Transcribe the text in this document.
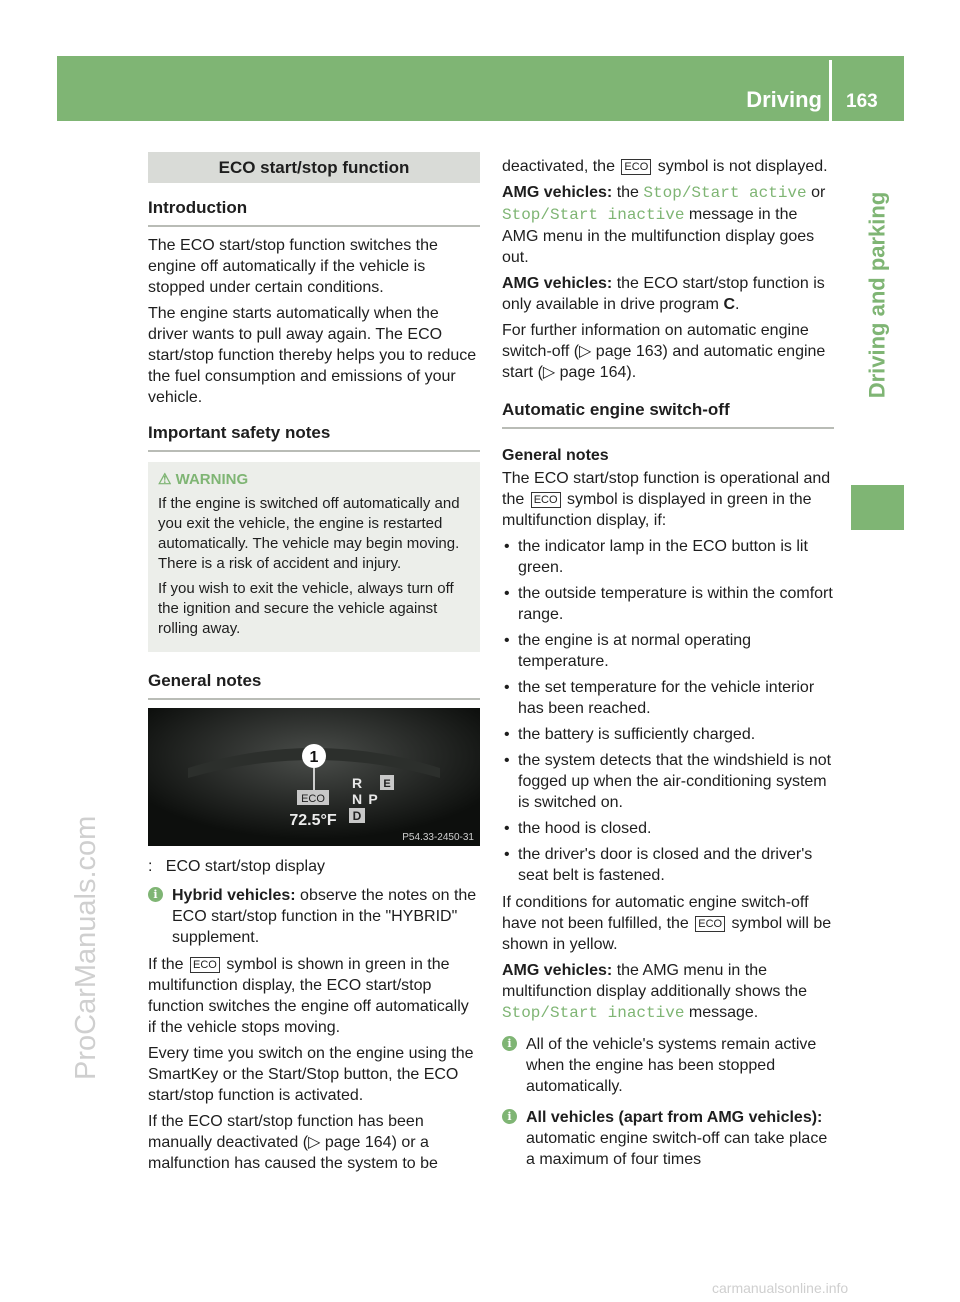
Driving 163
Driving and parking
ProCarManuals.com
carmanualsonline.info
ECO start/stop function
Introduction

The ECO start/stop function switches the engine off automatically if the vehicle is stopped under certain conditions.

The engine starts automatically when the driver wants to pull away again. The ECO start/stop function thereby helps you to reduce the fuel consumption and emissions of your vehicle.

Important safety notes
⚠ WARNING

If the engine is switched off automatically and you exit the vehicle, the engine is restarted automatically. The vehicle may begin moving. There is a risk of accident and injury.

If you wish to exit the vehicle, always turn off the ignition and secure the vehicle against rolling away.

General notes
1
ECO
R
N P
D
E
72.5°F
P54.33-2450-31

: ECO start/stop display

i Hybrid vehicles: observe the notes on the ECO start/stop function in the "HYBRID" supplement.

If the ECO symbol is shown in green in the multifunction display, the ECO start/stop function switches the engine off automatically if the vehicle stops moving.

Every time you switch on the engine using the SmartKey or the Start/Stop button, the ECO start/stop function is activated.

If the ECO start/stop function has been manually deactivated (▷ page 164) or a malfunction has caused the system to be

deactivated, the ECO symbol is not displayed.

AMG vehicles: the Stop/Start active or Stop/Start inactive message in the AMG menu in the multifunction display goes out.

AMG vehicles: the ECO start/stop function is only available in drive program C.

For further information on automatic engine switch-off (▷ page 163) and automatic engine start (▷ page 164).

Automatic engine switch-off

General notes

The ECO start/stop function is operational and the ECO symbol is displayed in green in the multifunction display, if:

• the indicator lamp in the ECO button is lit green.
• the outside temperature is within the comfort range.
• the engine is at normal operating temperature.
• the set temperature for the vehicle interior has been reached.
• the battery is sufficiently charged.
• the system detects that the windshield is not fogged up when the air-conditioning system is switched on.
• the hood is closed.
• the driver's door is closed and the driver's seat belt is fastened.

If conditions for automatic engine switch-off have not been fulfilled, the ECO symbol will be shown in yellow.

AMG vehicles: the AMG menu in the multifunction display additionally shows the Stop/Start inactive message.

i All of the vehicle's systems remain active when the engine has been stopped automatically.
i All vehicles (apart from AMG vehicles): automatic engine switch-off can take place a maximum of four times
